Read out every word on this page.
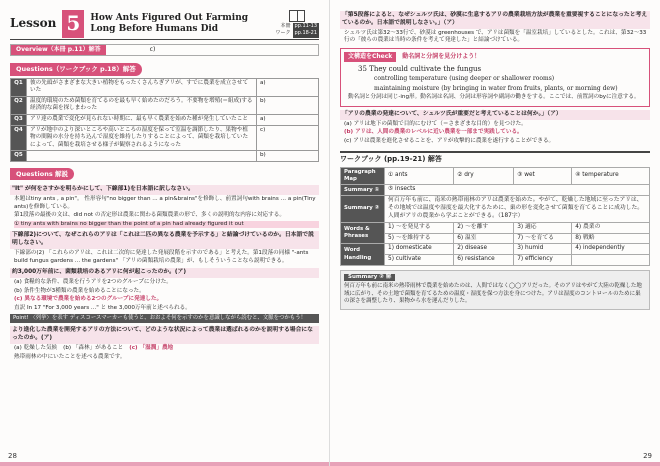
Lesson 5	How Ants Figured Out Farming
Long Before Humans Did	本冊 pp.11-13
ワーク pp.18-21
Overview（本冊 p.11）解答	c)
Questions（ワークブック p.18）解答
Q1	彼の先頭がさまざまな大きい植物をもったくさんちぎアリが、すでに農業を成立させていた	a)
Q2	温度的環境のため菌類を育てるのを最も早く始めたのだろう。不要物を増殖(＝組成)する経済的な菌を探しまわった	b)
Q3	アリ達の農業で変化が見られない時期に、最も早く農業を始めた種が発生していたこと	a)
Q4	アリが地中のより深いところや高いところの湿度を保って室温を調節したり、果物や植物の間隔の水分を持ち込んで湿度を維持したりすることによって、菌類を栽培していたによって、菌類を栽培させる様子が観察されるようになった	c)
Q5		b)
Questions 解説
"It" が何をさすかを明らかにして、下線部1)を日本語に訳しなさい。
本題はtiny ants , a pin"。 性形容句"no bigger than ... a pin&brains"を修飾し、前置詞句with brains … a pin(Tiny ants)を修飾している。
第1段落の最後の文は、did not の否定形は農業に関わる菌類農業の形で、多くの説明的な内容に対応する。
① tiny ants with brains no bigger than the point of a pin had already figured it out
下線部2)について、なぜこれらのアリは「これは二匹の異なる農業を予示する」と結論づけているのか。日本語で説明しなさい。
下線部の(2) 「これらのアリは、これは二次的に発達した発展段階を示すのである」と考えた。第1段落の同様 "-ants build fungus gardens ... the gardens" 「アリの菌類栽培の農業」が、もしそういうことなら説明できる。
約3,000万年前に、菌類栽培のあるアリに何が起こったのか。(ア)
(a) 食糧的な条件、農業を行うアリを2つのグループに分けた。
(b) 条件生物が3種類の農業を始めることになった。
(c) 異なる環境で農業を始める2つのグループに発達した。
直訳 In 17 "For 3,000 years ..." と the 3,000万年前と述べられる。
Point! 〈列挙〉を表す ディスコースマーカーも使うと、おおよそ何を示すのかを意識しながら読むと、文脈をつかもう！
より進化した農業を開発するアリの方法について、どのような状況によって農業は選ばれるのかを説明する場合になったのか。(ア)
(a) 乾燥した気候 (b) 「森林」があること (c) 「湿潤」農地
熱帯雨林の中にいたことを述べる農業です。
28
「第5段落によると、なぜシュルツ氏は、砂漠に生息するアリの農業栽培方法が農業を重要視することになったと考えているのか。日本語で説明しなさい。」（ア）
シュルツ氏は第32〜33行で、砂漠は greenhouses で、アリは菌類を「温室栽培」しているとした。これは、第32〜33行の「彼らの農業は当時の条件を考えて発達した」と結論づけている。
文構造をCheck 動名詞と分詞を見分けよう！
35 They could cultivate the fungus
controlling temperature (using deeper or shallower rooms)
maintaining moisture (by bringing in water from fruits, plants, or morning dew)
動名詞と分詞は同じ-ing形。動名詞は名詞、分詞は形容詞や副詞の働きをする。ここでは、前置詞のbyに注意する。
「アリの農業の発達について、シュルツ氏が重要だと考えていることは何か。」（ア）
(a) アリは地下の菌類で目的にむけて（＝さまざまな目的）を見つけた。
(b) アリは、人間の農業のレベルに近い農業を一部まで実践している。
(c) アリは農業を進化させることを、アリが攻撃的に農業を遂行することができる。
ワークブック (pp.19-21) 解答
Paragraph Map	① ants	② dry	③ wet	④ temperature
Summary ①	⑤ insects			
Summary ②	何百万年も前に、南米の熱帯雨林のアリは農業を始めた。やがて、乾燥した地域に至ったアリは、その地域では温度や湿度を最大化するために、巣の形を変化させて菌類を育てることに成功した。人間がアリの農業から学ぶことができる。（187字）			
Words & Phrases	1) 〜を発見する	2) 〜を離す	3) 適応	4) 農業の
	5) 〜を維持する	6) 温室	7) 〜を育てる	8) 戦略
Word Handling	1) domesticate	2) disease	3) humid	4) independently
	5) cultivate	6) resistance	7) efficiency	
Summary ② 解
何百万年も前に南米の熱帯雨林で農業を始めたのは、人間ではなく◯◯アリだった。そのアリはやがて大陸の乾燥した地域に広がり、その土地で菌類を育てるための温度・湿度を保つ方法を身につけた。アリは湿度のコントロールのために巣の深さを調整したり、果物から水を運んだりした。
29
